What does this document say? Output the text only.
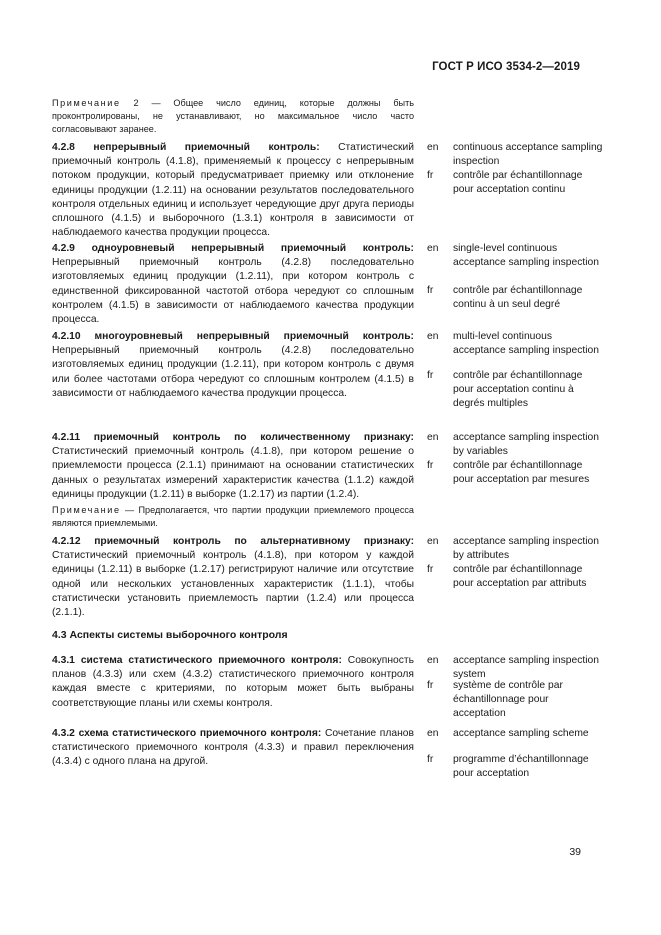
ГОСТ Р ИСО 3534-2—2019
Примечание 2 — Общее число единиц, которые должны быть проконтролированы, не устанавливают, но максимальное число часто согласовывают заранее.
4.2.8 непрерывный приемочный контроль: Статистический приемочный контроль (4.1.8), применяемый к процессу с непрерывным потоком продукции, который предусматривает приемку или отклонение единицы продукции (1.2.11) на основании результатов последовательного контроля отдельных единиц и использует чередующие друг друга периоды сплошного (4.1.5) и выборочного (1.3.1) контроля в зависимости от наблюдаемого качества продукции процесса.
en	continuous acceptance sampling inspection
fr	contrôle par échantillonnage pour acceptation continu
4.2.9 одноуровневый непрерывный приемочный контроль: Непрерывный приемочный контроль (4.2.8) последовательно изготовляемых единиц продукции (1.2.11), при котором контроль с единственной фиксированной частотой отбора чередуют со сплошным контролем (4.1.5) в зависимости от наблюдаемого качества продукции процесса.
en	single-level continuous acceptance sampling inspection
fr	contrôle par échantillonnage continu à un seul degré
4.2.10 многоуровневый непрерывный приемочный контроль: Непрерывный приемочный контроль (4.2.8) последовательно изготовляемых единиц продукции (1.2.11), при котором контроль с двумя или более частотами отбора чередуют со сплошным контролем (4.1.5) в зависимости от наблюдаемого качества продукции процесса.
en	multi-level continuous acceptance sampling inspection
fr	contrôle par échantillonnage pour acceptation continu à degrés multiples
4.2.11 приемочный контроль по количественному признаку: Статистический приемочный контроль (4.1.8), при котором решение о приемлемости процесса (2.1.1) принимают на основании статистических данных о результатах измерений характеристик качества (1.1.2) каждой единицы продукции (1.2.11) в выборке (1.2.17) из партии (1.2.4).
en	acceptance sampling inspection by variables
fr	contrôle par échantillonnage pour acceptation par mesures
Примечание — Предполагается, что партии продукции приемлемого процесса являются приемлемыми.
4.2.12 приемочный контроль по альтернативному признаку: Статистический приемочный контроль (4.1.8), при котором у каждой единицы (1.2.11) в выборке (1.2.17) регистрируют наличие или отсутствие одной или нескольких установленных характеристик (1.1.1), чтобы статистически установить приемлемость партии (1.2.4) или процесса (2.1.1).
en	acceptance sampling inspection by attributes
fr	contrôle par échantillonnage pour acceptation par attributs
4.3 Аспекты системы выборочного контроля
4.3.1 система статистического приемочного контроля: Совокупность планов (4.3.3) или схем (4.3.2) статистического приемочного контроля каждая вместе с критериями, по которым может быть выбраны соответствующие планы или схемы контроля.
en	acceptance sampling inspection system
fr	système de contrôle par échantillonnage pour acceptation
4.3.2 схема статистического приемочного контроля: Сочетание планов статистического приемочного контроля (4.3.3) и правил переключения (4.3.4) с одного плана на другой.
en	acceptance sampling scheme
fr	programme d’échantillonnage pour acceptation
39
